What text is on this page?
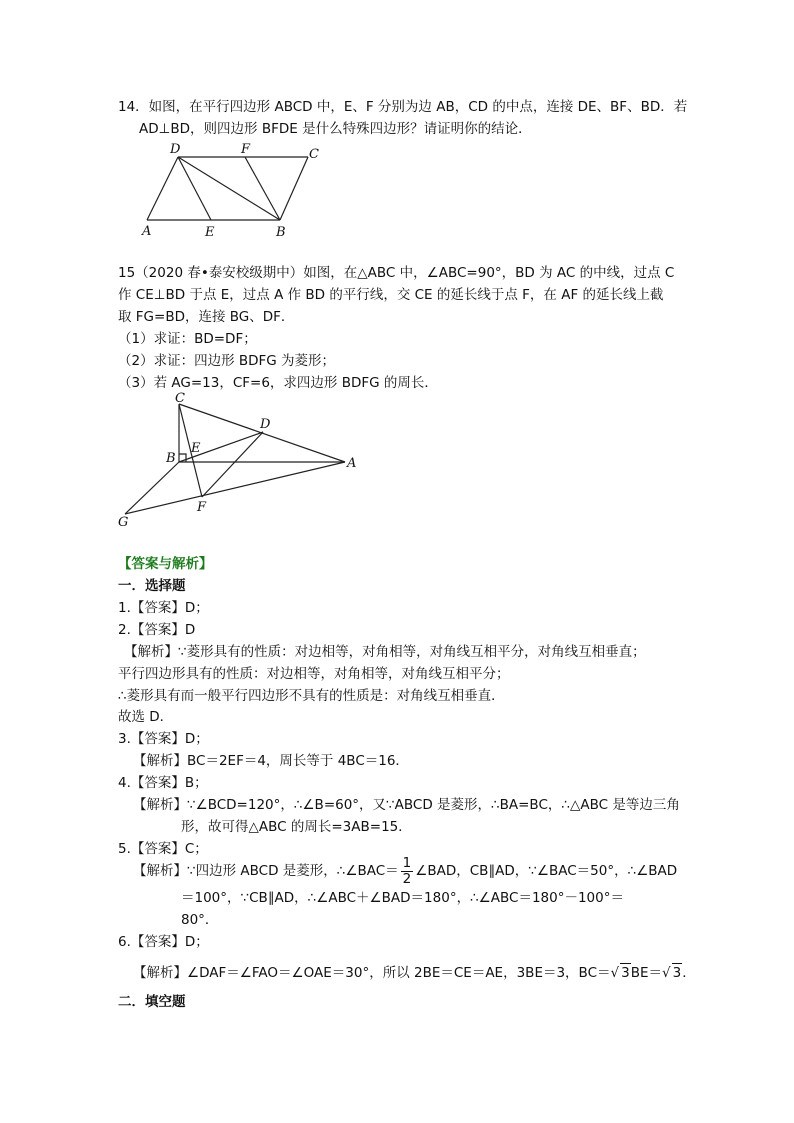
14．如图，在平行四边形 ABCD 中，E、F 分别为边 AB，CD 的中点，连接 DE、BF、BD．若
AD⊥BD，则四边形 BFDE 是什么特殊四边形？请证明你的结论．
D	F	C
A	E	B
15（2020 春•泰安校级期中）如图，在△ABC 中，∠ABC=90°，BD 为 AC 的中线，过点 C
作 CE⊥BD 于点 E，过点 A 作 BD 的平行线，交 CE 的延长线于点 F，在 AF 的延长线上截
取 FG=BD，连接 BG、DF．
（1）求证：BD=DF；
（2）求证：四边形 BDFG 为菱形；
（3）若 AG=13，CF=6，求四边形 BDFG 的周长．
C
D
E
B	A
F
G
【答案与解析】
一．选择题
1.【答案】D；
2.【答案】D
【解析】∵菱形具有的性质：对边相等，对角相等，对角线互相平分，对角线互相垂直；
平行四边形具有的性质：对边相等，对角相等，对角线互相平分；
∴菱形具有而一般平行四边形不具有的性质是：对角线互相垂直．
故选 D．
3.【答案】D；
【解析】BC＝2EF＝4，周长等于 4BC＝16．
4.【答案】B；
【解析】∵∠BCD=120°，∴∠B=60°，又∵ABCD 是菱形，∴BA=BC，∴△ABC 是等边三角
形，故可得△ABC 的周长=3AB=15．
5.【答案】C；
【解析】∵四边形 ABCD 是菱形，∴∠BAC＝ $\frac{1}{2}$ ∠BAD，CB∥AD，∵∠BAC＝50°，∴∠BAD
＝100°，∵CB∥AD，∴∠ABC＋∠BAD＝180°，∴∠ABC＝180°－100°＝
80°．
6.【答案】D；
【解析】∠DAF＝∠FAO＝∠OAE＝30°，所以 2BE＝CE＝AE，3BE＝3，BC＝√ 3BE＝√ 3．
二．填空题
